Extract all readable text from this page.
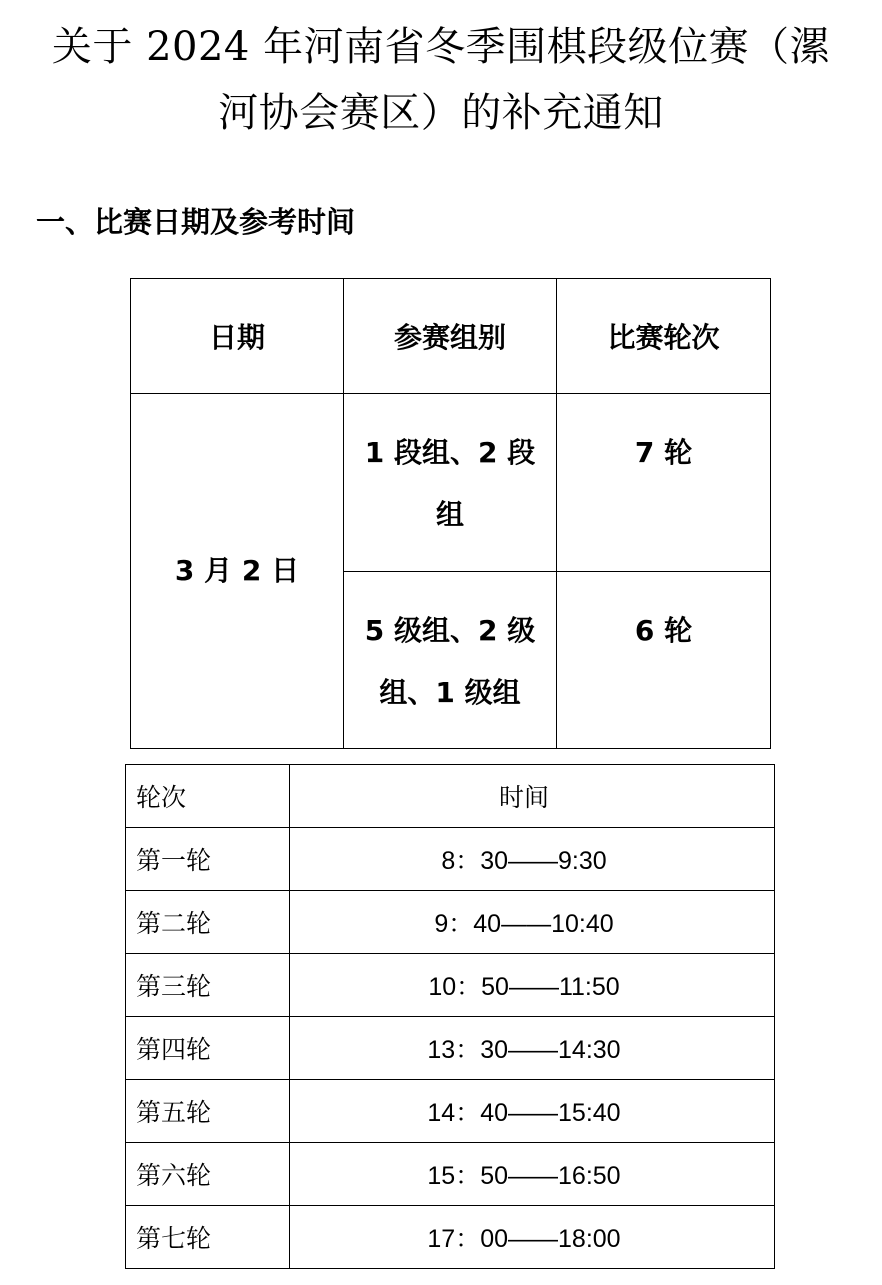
关于 2024 年河南省冬季围棋段级位赛（漯
河协会赛区）的补充通知
一、比赛日期及参考时间
日期	参赛组别	比赛轮次

3 月 2 日	1 段组、2 段组	7 轮

	5 级组、2 级组、1 级组	6 轮
轮次	时间
第一轮	8：30——9:30
第二轮	9：40——10:40
第三轮	10：50——11:50
第四轮	13：30——14:30
第五轮	14：40——15:40
第六轮	15：50——16:50
第七轮	17：00——18:00
